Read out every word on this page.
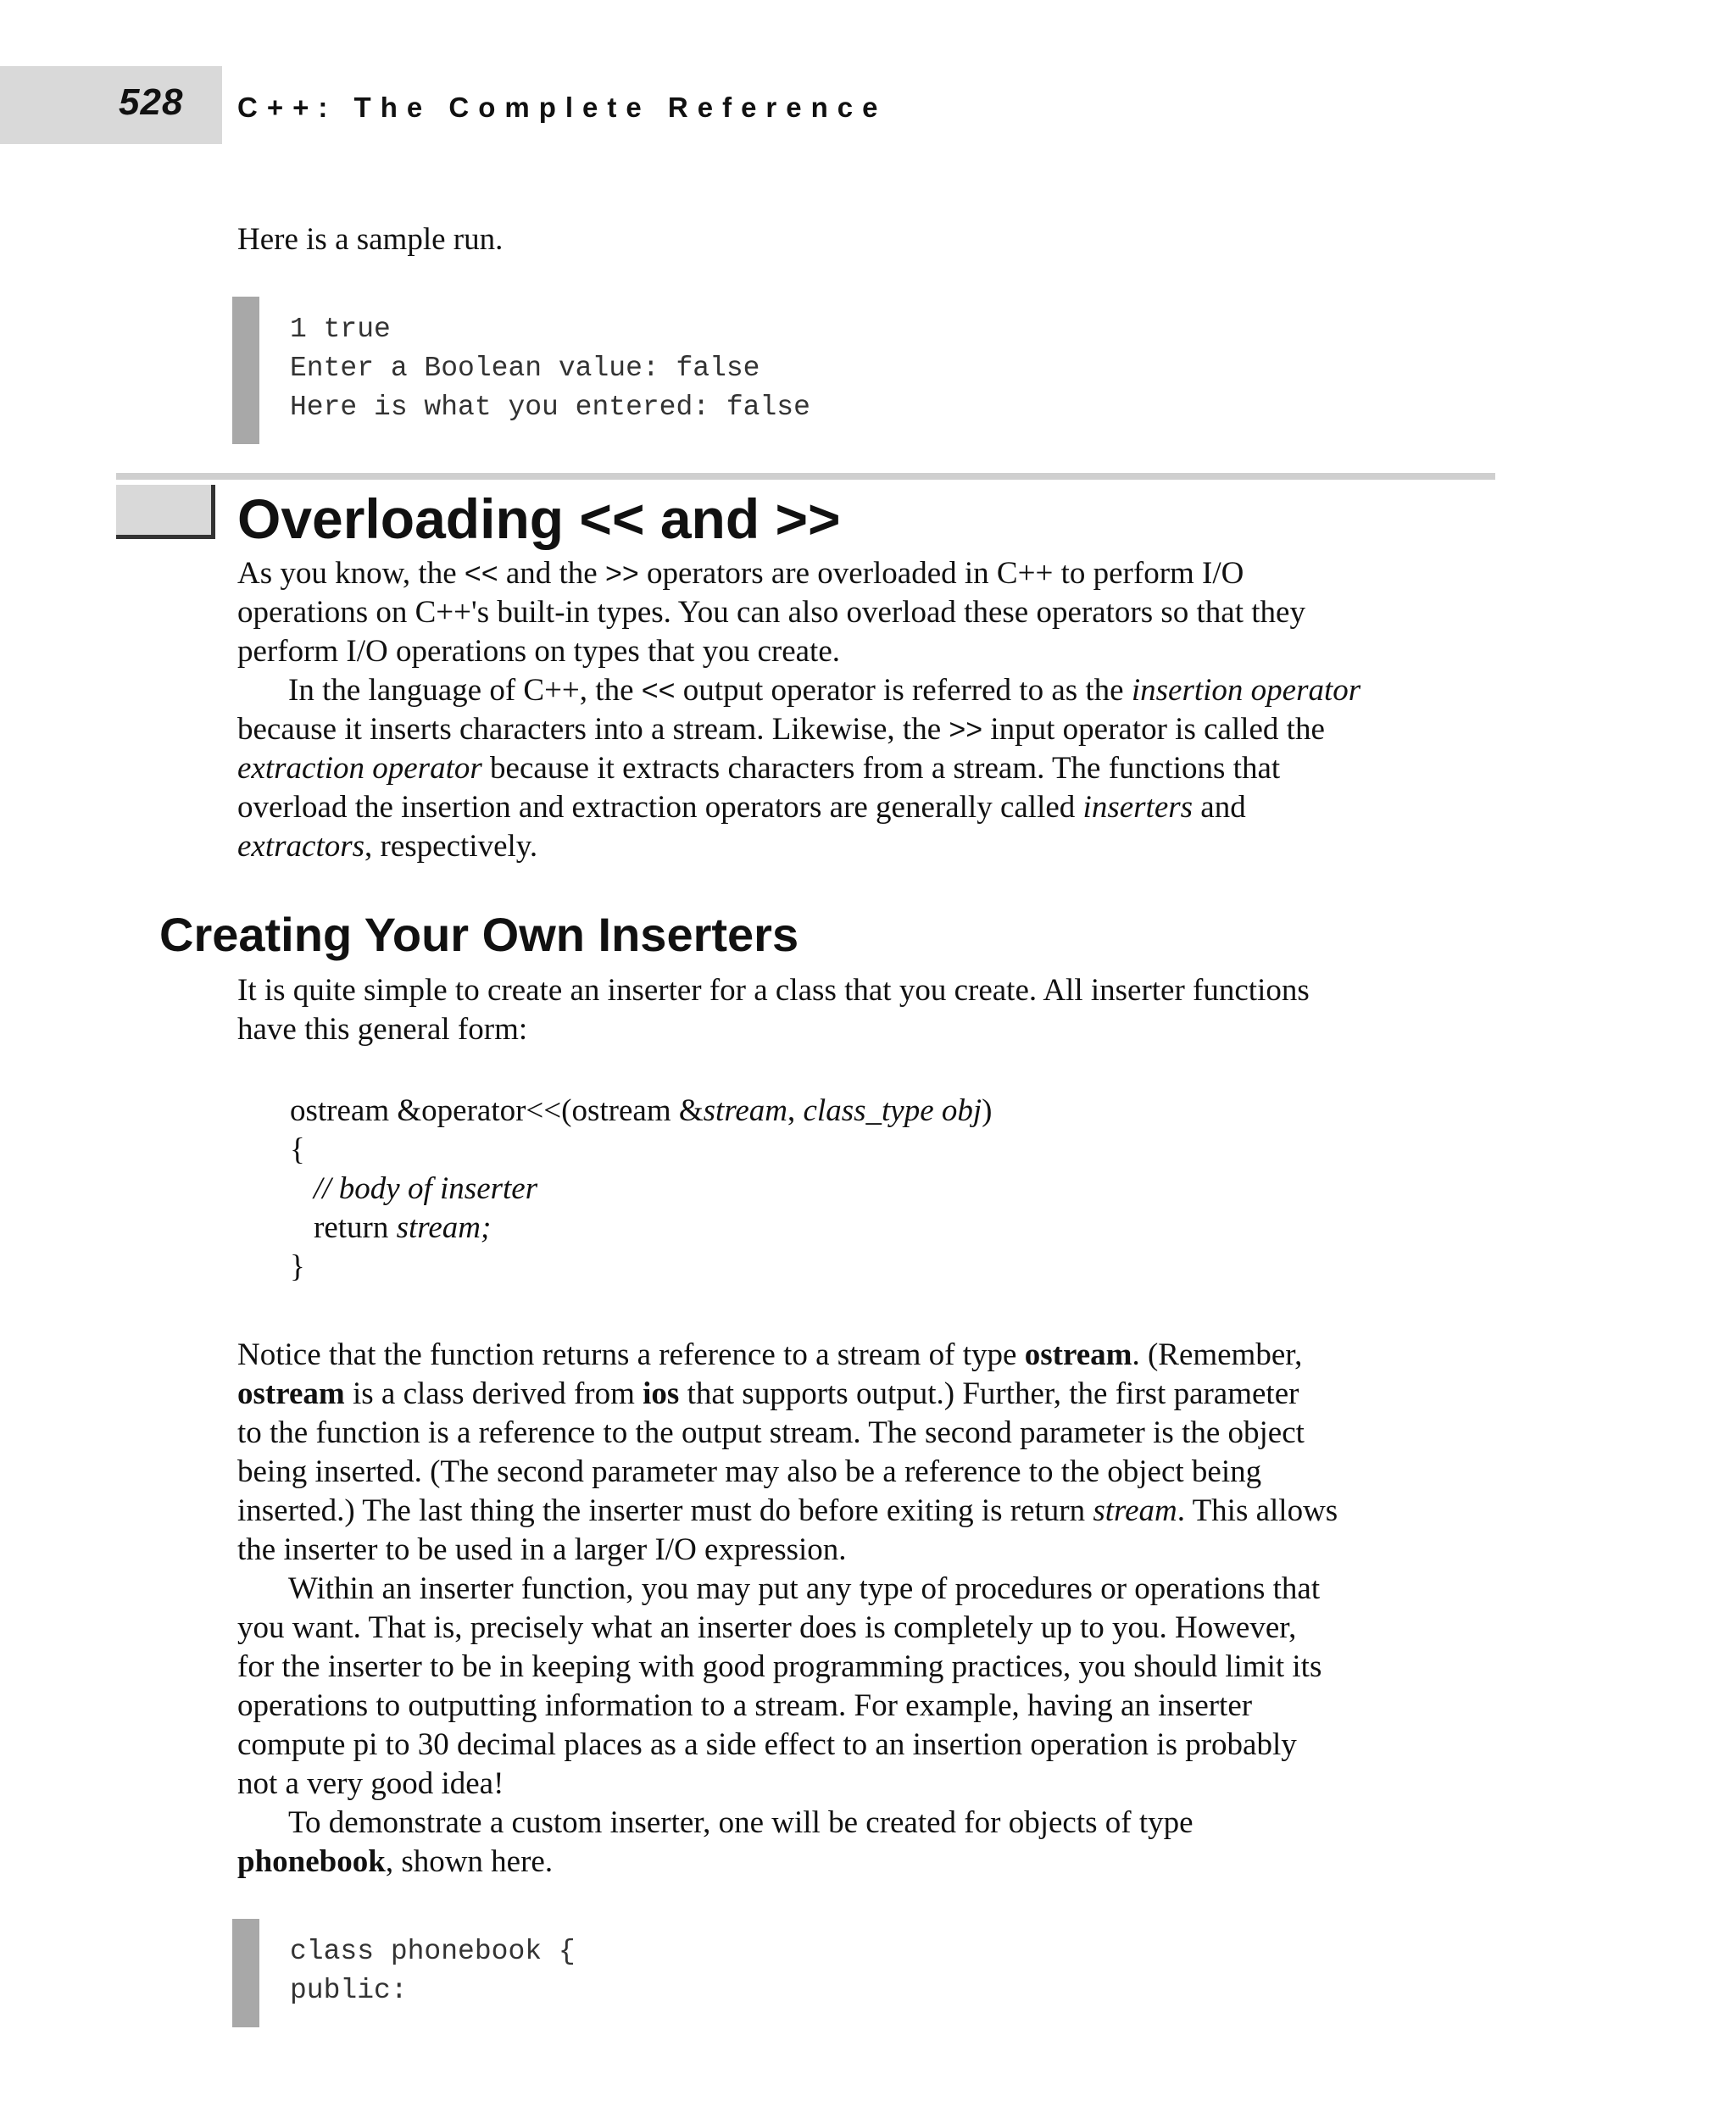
528 C++: The Complete Reference

Here is a sample run.

1 true
Enter a Boolean value: false
Here is what you entered: false
Overloading << and >>

As you know, the << and the >> operators are overloaded in C++ to perform I/O
operations on C++'s built-in types. You can also overload these operators so that they
perform I/O operations on types that you create.

In the language of C++, the << output operator is referred to as the insertion operator
because it inserts characters into a stream. Likewise, the >> input operator is called the
extraction operator because it extracts characters from a stream. The functions that
overload the insertion and extraction operators are generally called inserters and
extractors, respectively.

Creating Your Own Inserters

It is quite simple to create an inserter for a class that you create. All inserter functions
have this general form:

ostream &operator<<(ostream &stream, class_type obj)
{
// body of inserter
return stream;
}

Notice that the function returns a reference to a stream of type ostream. (Remember,
ostream is a class derived from ios that supports output.) Further, the first parameter
to the function is a reference to the output stream. The second parameter is the object
being inserted. (The second parameter may also be a reference to the object being
inserted.) The last thing the inserter must do before exiting is return stream. This allows
the inserter to be used in a larger I/O expression.

Within an inserter function, you may put any type of procedures or operations that
you want. That is, precisely what an inserter does is completely up to you. However,
for the inserter to be in keeping with good programming practices, you should limit its
operations to outputting information to a stream. For example, having an inserter
compute pi to 30 decimal places as a side effect to an insertion operation is probably
not a very good idea!

To demonstrate a custom inserter, one will be created for objects of type
phonebook, shown here.

class phonebook {
public:
